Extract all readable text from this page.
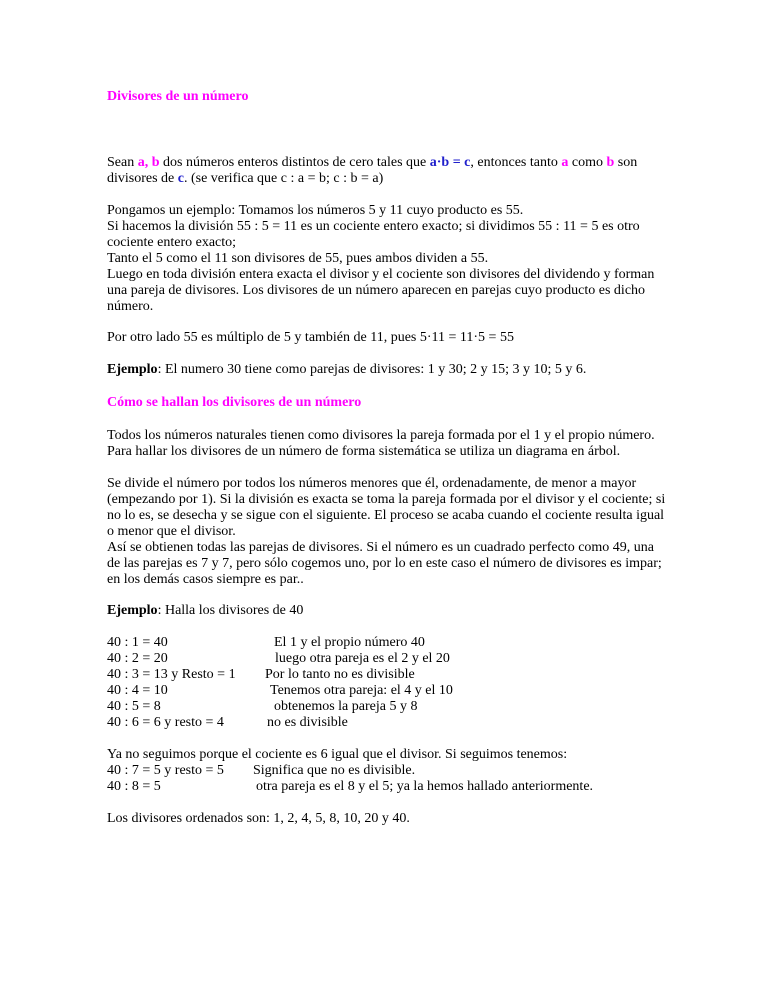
Divisores de un número
Sean a, b dos números enteros distintos de cero tales que a·b = c, entonces tanto a como b son
divisores de c. (se verifica que c : a = b; c : b = a)
Pongamos un ejemplo: Tomamos los números 5 y 11 cuyo producto es 55.
Si hacemos la división 55 : 5 = 11 es un cociente entero exacto; si dividimos 55 : 11 = 5 es otro
cociente entero exacto;
Tanto el 5 como el 11 son divisores de 55, pues ambos dividen a 55.
Luego en toda división entera exacta el divisor y el cociente son divisores del dividendo y forman
una pareja de divisores. Los divisores de un número aparecen en parejas cuyo producto es dicho
número.
Por otro lado 55 es múltiplo de 5 y también de 11, pues 5·11 = 11·5 = 55
Ejemplo: El numero 30 tiene como parejas de divisores: 1 y 30; 2 y 15; 3 y 10; 5 y 6.
Cómo se hallan los divisores de un número
Todos los números naturales tienen como divisores la pareja formada por el 1 y el propio número.
Para hallar los divisores de un número de forma sistemática se utiliza un diagrama en árbol.
Se divide el número por todos los números menores que él, ordenadamente, de menor a mayor
(empezando por 1). Si la división es exacta se toma la pareja formada por el divisor y el cociente; si
no lo es, se desecha y se sigue con el siguiente. El proceso se acaba cuando el cociente resulta igual
o menor que el divisor.
Así se obtienen todas las parejas de divisores. Si el número es un cuadrado perfecto como 49, una
de las parejas es 7 y 7, pero sólo cogemos uno, por lo en este caso el número de divisores es impar;
en los demás casos siempre es par..
Ejemplo: Halla los divisores de 40
40 : 1 = 40	El 1 y el propio número 40
40 : 2 = 20	luego otra pareja es el 2 y el 20
40 : 3 = 13 y Resto = 1 Por lo tanto no es divisible
40 : 4 = 10	Tenemos otra pareja: el 4 y el 10
40 : 5 = 8	obtenemos la pareja 5 y 8
40 : 6 = 6 y resto = 4	no es divisible
Ya no seguimos porque el cociente es 6 igual que el divisor. Si seguimos tenemos:
40 : 7 = 5 y resto = 5 Significa que no es divisible.
40 : 8 = 5	otra pareja es el 8 y el 5; ya la hemos hallado anteriormente.
Los divisores ordenados son: 1, 2, 4, 5, 8, 10, 20 y 40.
